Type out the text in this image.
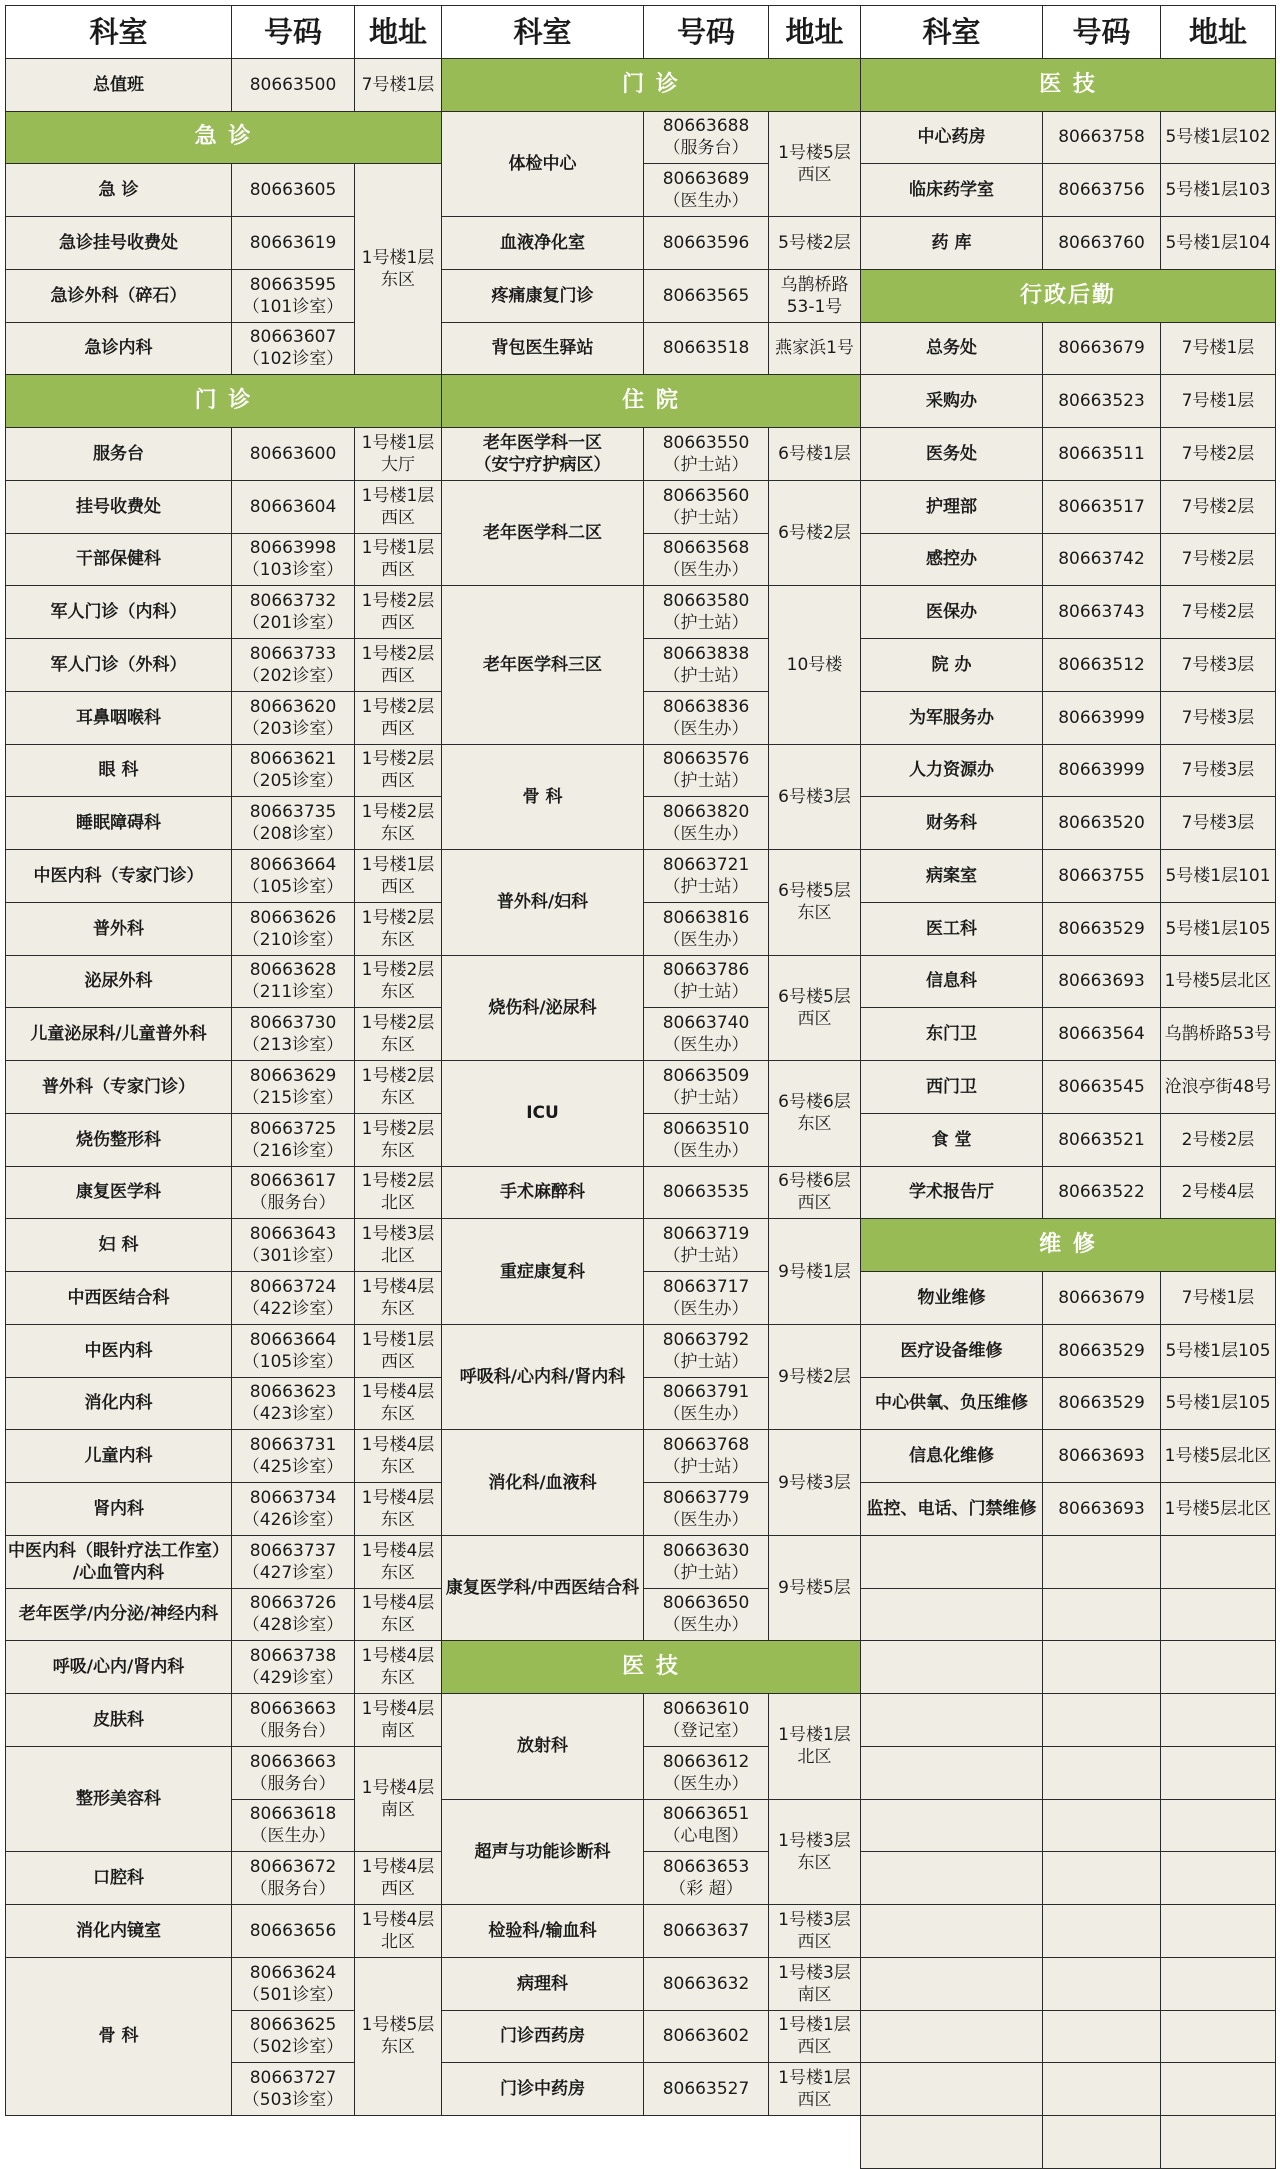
科室	号码	地址
总值班	80663500	7号楼1层
急 诊		
急 诊	80663605	1号楼1层
东区
急诊挂号收费处	80663619	
急诊外科（碎石）	80663595
（101诊室）	
急诊内科	80663607
（102诊室）	
门 诊		
服务台	80663600	1号楼1层
大厅
挂号收费处	80663604	1号楼1层
西区
干部保健科	80663998
（103诊室）	1号楼1层
西区
军人门诊（内科）	80663732
（201诊室）	1号楼2层
西区
军人门诊（外科）	80663733
（202诊室）	1号楼2层
西区
耳鼻咽喉科	80663620
（203诊室）	1号楼2层
西区
眼 科	80663621
（205诊室）	1号楼2层
西区
睡眠障碍科	80663735
（208诊室）	1号楼2层
东区
中医内科（专家门诊）	80663664
（105诊室）	1号楼1层
西区
普外科	80663626
（210诊室）	1号楼2层
东区
泌尿外科	80663628
（211诊室）	1号楼2层
东区
儿童泌尿科/儿童普外科	80663730
（213诊室）	1号楼2层
东区
普外科（专家门诊）	80663629
（215诊室）	1号楼2层
东区
烧伤整形科	80663725
（216诊室）	1号楼2层
东区
康复医学科	80663617
（服务台）	1号楼2层
北区
妇 科	80663643
（301诊室）	1号楼3层
北区
中西医结合科	80663724
（422诊室）	1号楼4层
东区
中医内科	80663664
（105诊室）	1号楼1层
西区
消化内科	80663623
（423诊室）	1号楼4层
东区
儿童内科	80663731
（425诊室）	1号楼4层
东区
肾内科	80663734
（426诊室）	1号楼4层
东区
中医内科（眼针疗法工作室）
/心血管内科	80663737
（427诊室）	1号楼4层
东区
老年医学/内分泌/神经内科	80663726
（428诊室）	1号楼4层
东区
呼吸/心内/肾内科	80663738
（429诊室）	1号楼4层
东区
皮肤科	80663663
（服务台）	1号楼4层
南区
整形美容科	80663663
（服务台）	1号楼4层
南区
	80663618
（医生办）	
口腔科	80663672
（服务台）	1号楼4层
西区
消化内镜室	80663656	1号楼4层
北区
骨 科	80663624
（501诊室）	1号楼5层
东区
	80663625
（502诊室）	
	80663727
（503诊室）	
科室	号码	地址
门 诊		
体检中心	80663688
（服务台）	1号楼5层
西区
	80663689
（医生办）	
血液净化室	80663596	5号楼2层
疼痛康复门诊	80663565	乌鹊桥路
53-1号
背包医生驿站	80663518	燕家浜1号
住 院		
老年医学科一区
（安宁疗护病区）	80663550
（护士站）	6号楼1层
老年医学科二区	80663560
（护士站）	6号楼2层
	80663568
（医生办）	
老年医学科三区	80663580
（护士站）	10号楼
	80663838
（护士站）	
	80663836
（医生办）	
骨 科	80663576
（护士站）	6号楼3层
	80663820
（医生办）	
普外科/妇科	80663721
（护士站）	6号楼5层
东区
	80663816
（医生办）	
烧伤科/泌尿科	80663786
（护士站）	6号楼5层
西区
	80663740
（医生办）	
ICU	80663509
（护士站）	6号楼6层
东区
	80663510
（医生办）	
手术麻醉科	80663535	6号楼6层
西区
重症康复科	80663719
（护士站）	9号楼1层
	80663717
（医生办）	
呼吸科/心内科/肾内科	80663792
（护士站）	9号楼2层
	80663791
（医生办）	
消化科/血液科	80663768
（护士站）	9号楼3层
	80663779
（医生办）	
康复医学科/中西医结合科	80663630
（护士站）	9号楼5层
	80663650
（医生办）	
医 技		
放射科	80663610
（登记室）	1号楼1层
北区
	80663612
（医生办）	
超声与功能诊断科	80663651
（心电图）	1号楼3层
东区
	80663653
（彩 超）	
检验科/输血科	80663637	1号楼3层
西区
病理科	80663632	1号楼3层
南区
门诊西药房	80663602	1号楼1层
西区
门诊中药房	80663527	1号楼1层
西区
科室	号码	地址
医 技		
中心药房	80663758	5号楼1层102
临床药学室	80663756	5号楼1层103
药 库	80663760	5号楼1层104
行政后勤		
总务处	80663679	7号楼1层
采购办	80663523	7号楼1层
医务处	80663511	7号楼2层
护理部	80663517	7号楼2层
感控办	80663742	7号楼2层
医保办	80663743	7号楼2层
院 办	80663512	7号楼3层
为军服务办	80663999	7号楼3层
人力资源办	80663999	7号楼3层
财务科	80663520	7号楼3层
病案室	80663755	5号楼1层101
医工科	80663529	5号楼1层105
信息科	80663693	1号楼5层北区
东门卫	80663564	乌鹊桥路53号
西门卫	80663545	沧浪亭街48号
食 堂	80663521	2号楼2层
学术报告厅	80663522	2号楼4层
维 修		
物业维修	80663679	7号楼1层
医疗设备维修	80663529	5号楼1层105
中心供氧、负压维修	80663529	5号楼1层105
信息化维修	80663693	1号楼5层北区
监控、电话、门禁维修	80663693	1号楼5层北区
